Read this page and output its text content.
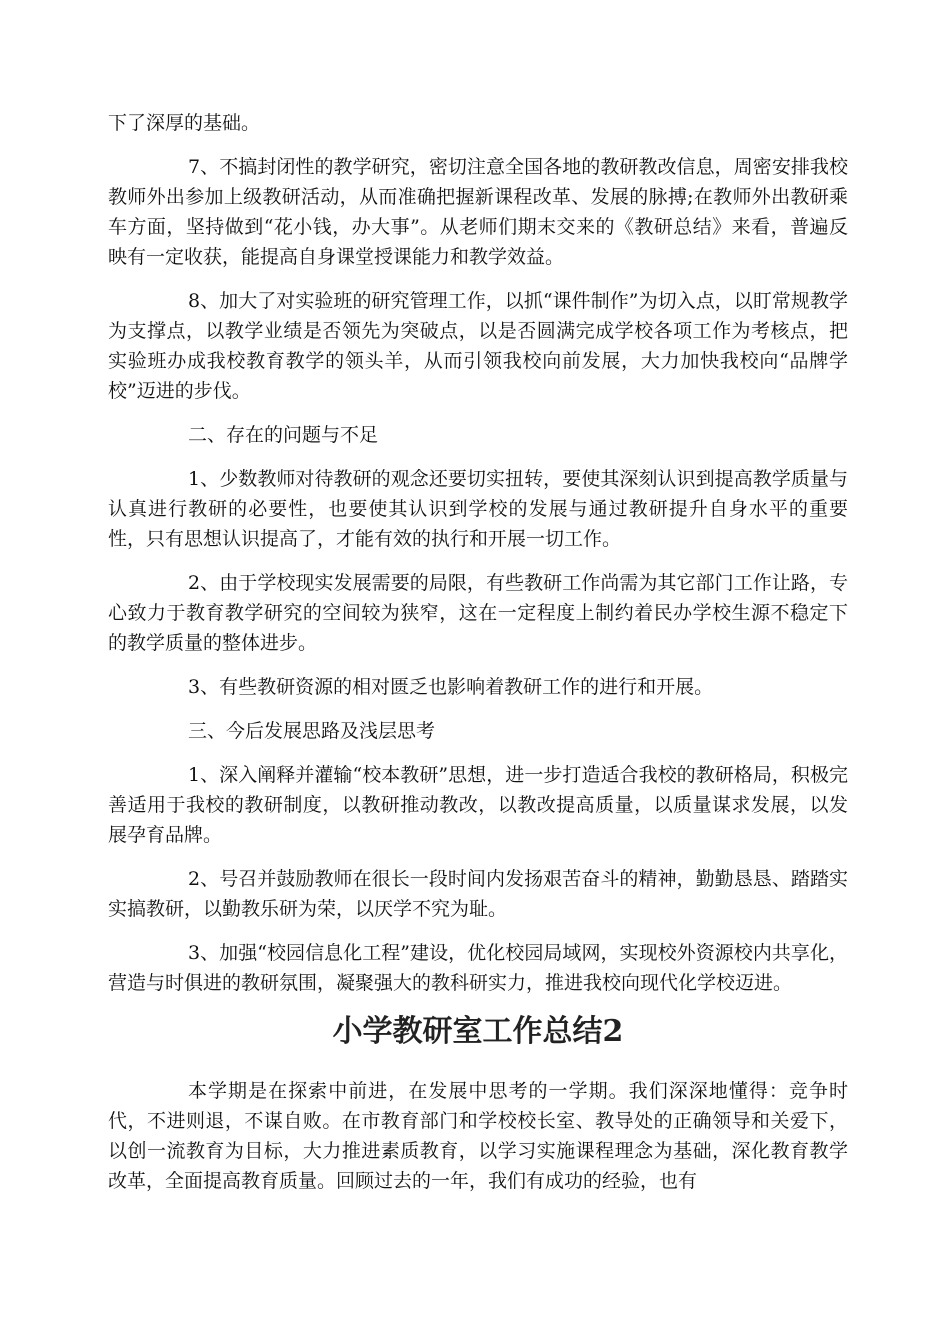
下了深厚的基础。

7、不搞封闭性的教学研究，密切注意全国各地的教研教改信息，周密安排我校教师外出参加上级教研活动，从而准确把握新课程改革、发展的脉搏;在教师外出教研乘车方面，坚持做到“花小钱，办大事”。从老师们期末交来的《教研总结》来看，普遍反映有一定收获，能提高自身课堂授课能力和教学效益。

8、加大了对实验班的研究管理工作，以抓“课件制作”为切入点，以盯常规教学为支撑点，以教学业绩是否领先为突破点，以是否圆满完成学校各项工作为考核点，把实验班办成我校教育教学的领头羊，从而引领我校向前发展，大力加快我校向“品牌学校”迈进的步伐。

二、存在的问题与不足

1、少数教师对待教研的观念还要切实扭转，要使其深刻认识到提高教学质量与认真进行教研的必要性，也要使其认识到学校的发展与通过教研提升自身水平的重要性，只有思想认识提高了，才能有效的执行和开展一切工作。

2、由于学校现实发展需要的局限，有些教研工作尚需为其它部门工作让路，专心致力于教育教学研究的空间较为狭窄，这在一定程度上制约着民办学校生源不稳定下的教学质量的整体进步。

3、有些教研资源的相对匮乏也影响着教研工作的进行和开展。

三、今后发展思路及浅层思考

1、深入阐释并灌输“校本教研”思想，进一步打造适合我校的教研格局，积极完善适用于我校的教研制度，以教研推动教改，以教改提高质量，以质量谋求发展，以发展孕育品牌。

2、号召并鼓励教师在很长一段时间内发扬艰苦奋斗的精神，勤勤恳恳、踏踏实实搞教研，以勤教乐研为荣，以厌学不究为耻。

3、加强“校园信息化工程”建设，优化校园局域网，实现校外资源校内共享化，营造与时俱进的教研氛围，凝聚强大的教科研实力，推进我校向现代化学校迈进。

小学教研室工作总结2

本学期是在探索中前进，在发展中思考的一学期。我们深深地懂得：竞争时代，不进则退，不谋自败。在市教育部门和学校校长室、教导处的正确领导和关爱下，以创一流教育为目标，大力推进素质教育，以学习实施课程理念为基础，深化教育教学改革，全面提高教育质量。回顾过去的一年，我们有成功的经验，也有
